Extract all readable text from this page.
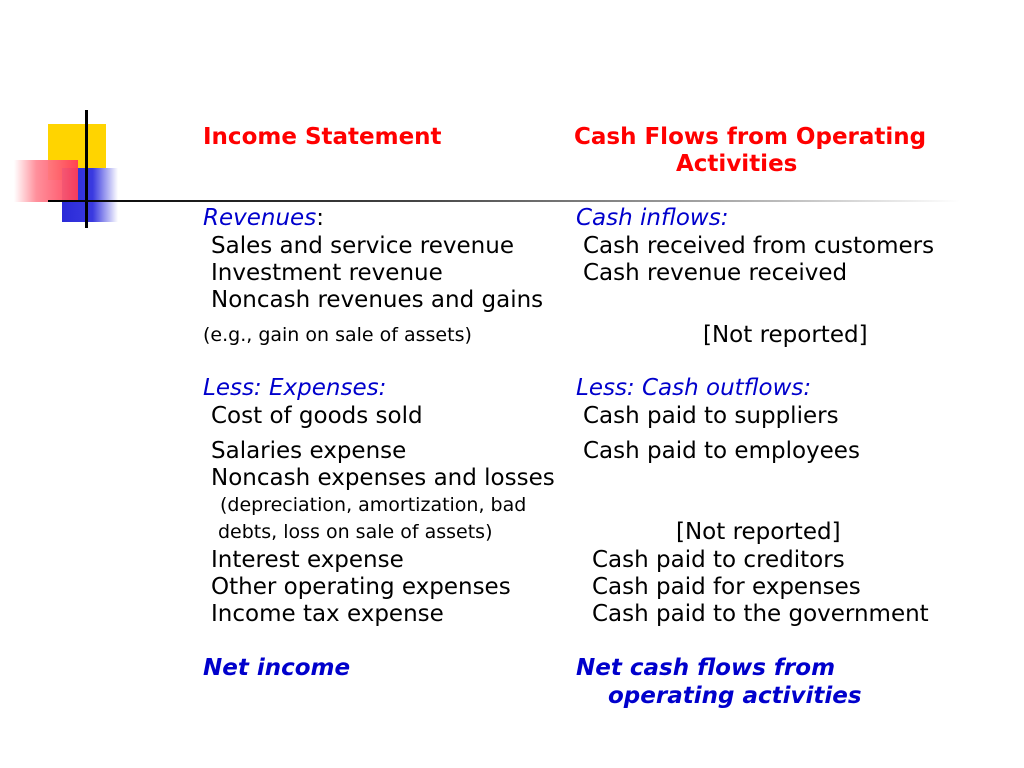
Income Statement	Cash Flows from Operating
Activities
Revenues:	Cash inflows:
Sales and service revenue	Cash received from customers
Investment revenue	Cash revenue received
Noncash revenues and gains
(e.g., gain on sale of assets)	[Not reported]
Less: Expenses:	Less: Cash outflows:
Cost of goods sold	Cash paid to suppliers
Salaries expense	Cash paid to employees
Noncash expenses and losses
(depreciation, amortization, bad
debts, loss on sale of assets)	[Not reported]
Interest expense	Cash paid to creditors
Other operating expenses	Cash paid for expenses
Income tax expense	Cash paid to the government
Net income	Net cash flows from
operating activities
